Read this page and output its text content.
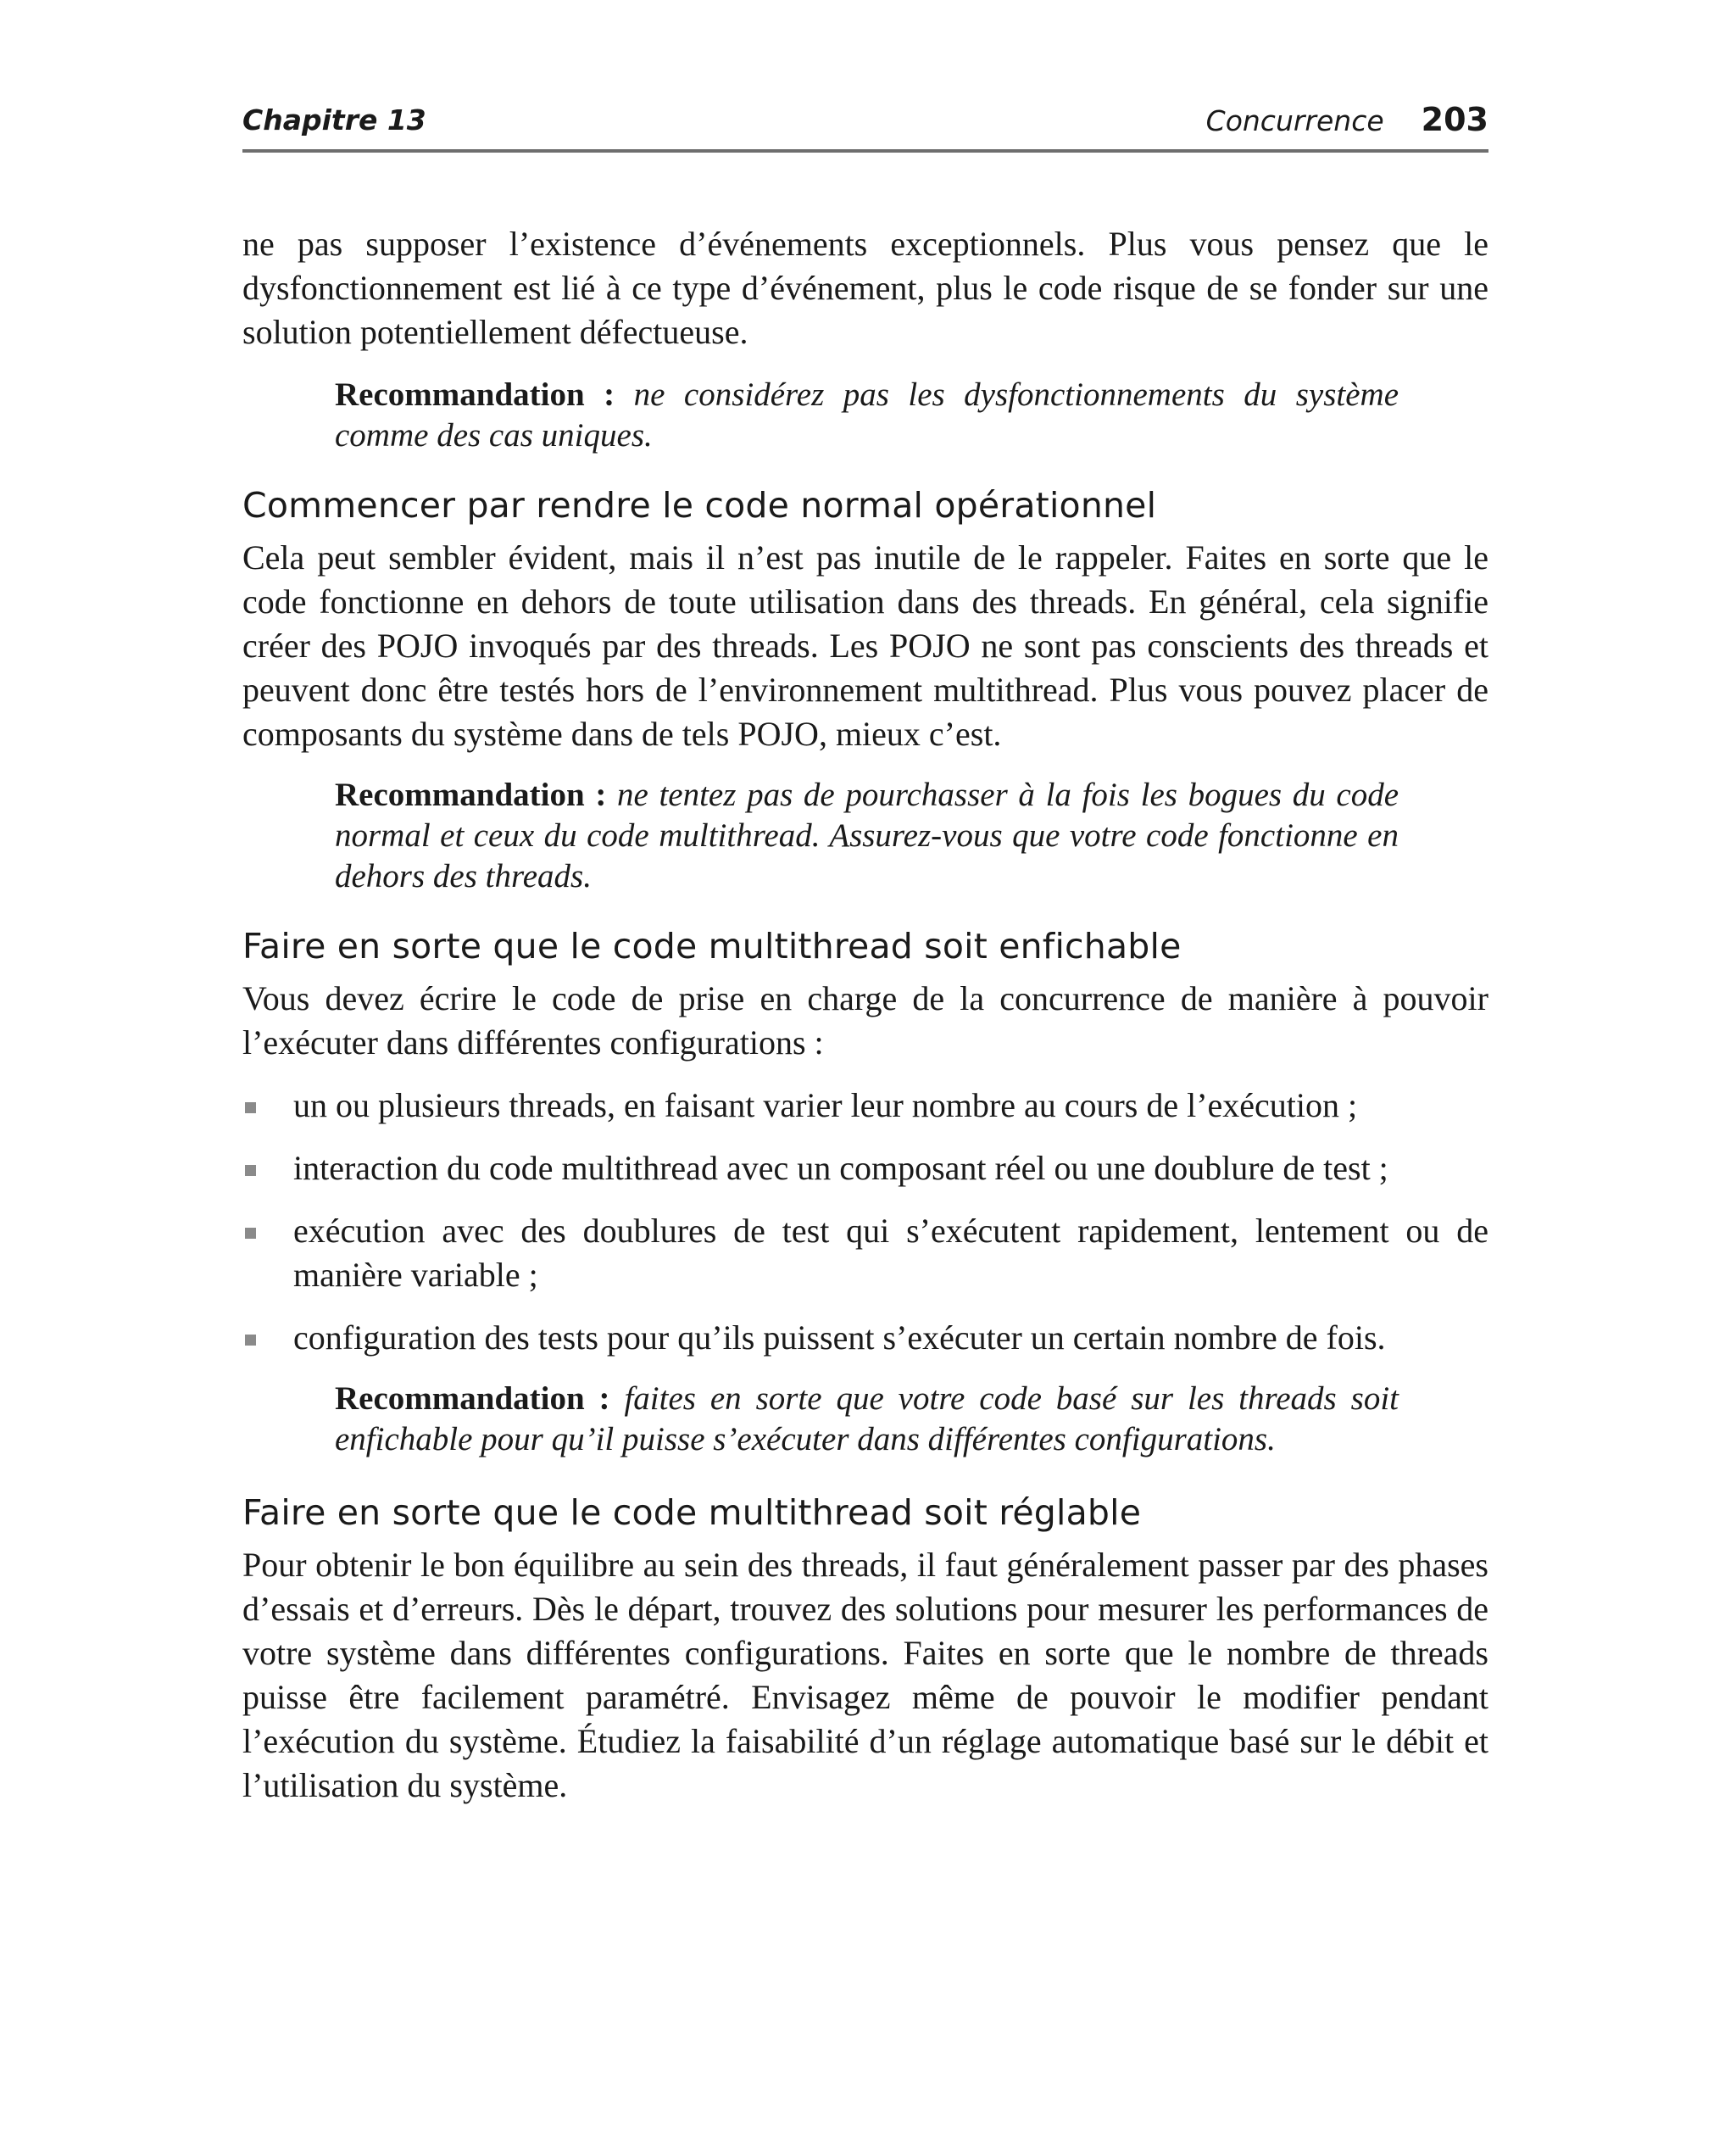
Chapitre 13	Concurrence 203

ne pas supposer l’existence d’événements exceptionnels. Plus vous pensez que le dysfonctionnement est lié à ce type d’événement, plus le code risque de se fonder sur une solution potentiellement défectueuse.

Recommandation : ne considérez pas les dysfonctionnements du système comme des cas uniques.
Commencer par rendre le code normal opérationnel

Cela peut sembler évident, mais il n’est pas inutile de le rappeler. Faites en sorte que le code fonctionne en dehors de toute utilisation dans des threads. En général, cela signifie créer des POJO invoqués par des threads. Les POJO ne sont pas conscients des threads et peuvent donc être testés hors de l’environnement multithread. Plus vous pouvez placer de composants du système dans de tels POJO, mieux c’est.

Recommandation : ne tentez pas de pourchasser à la fois les bogues du code normal et ceux du code multithread. Assurez-vous que votre code fonctionne en dehors des threads.
Faire en sorte que le code multithread soit enfichable

Vous devez écrire le code de prise en charge de la concurrence de manière à pouvoir l’exécuter dans différentes configurations :

un ou plusieurs threads, en faisant varier leur nombre au cours de l’exécution ;
interaction du code multithread avec un composant réel ou une doublure de test ;
exécution avec des doublures de test qui s’exécutent rapidement, lentement ou de manière variable ;
configuration des tests pour qu’ils puissent s’exécuter un certain nombre de fois.
Recommandation : faites en sorte que votre code basé sur les threads soit enfichable pour qu’il puisse s’exécuter dans différentes configurations.
Faire en sorte que le code multithread soit réglable

Pour obtenir le bon équilibre au sein des threads, il faut généralement passer par des phases d’essais et d’erreurs. Dès le départ, trouvez des solutions pour mesurer les performances de votre système dans différentes configurations. Faites en sorte que le nombre de threads puisse être facilement paramétré. Envisagez même de pouvoir le modifier pendant l’exécution du système. Étudiez la faisabilité d’un réglage automatique basé sur le débit et l’utilisation du système.
